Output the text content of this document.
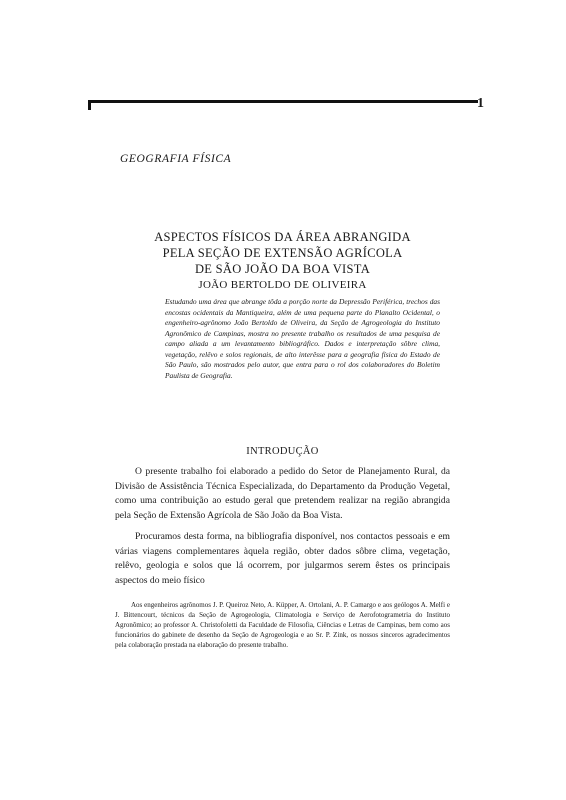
1
GEOGRAFIA FÍSICA
ASPECTOS FÍSICOS DA ÁREA ABRANGIDA
PELA SEÇÃO DE EXTENSÃO AGRÍCOLA
DE SÃO JOÃO DA BOA VISTA
JOÃO BERTOLDO DE OLIVEIRA
Estudando uma área que abrange tôda a porção norte da Depressão Periférica, trechos das encostas ocidentais da Mantiqueira, além de uma pequena parte do Planalto Ocidental, o engenheiro-agrônomo João Bertoldo de Oliveira, da Seção de Agrogeologia do Instituto Agronômico de Campinas, mostra no presente trabalho os resultados de uma pesquisa de campo aliada a um levantamento bibliográfico. Dados e interpretação sôbre clima, vegetação, relêvo e solos regionais, de alto interêsse para a geografia física do Estado de São Paulo, são mostrados pelo autor, que entra para o rol dos colaboradores do Boletim Paulista de Geografia.
INTRODUÇÃO
O presente trabalho foi elaborado a pedido do Setor de Planejamento Rural, da Divisão de Assistência Técnica Especializada, do Departamento da Produção Vegetal, como uma contribuição ao estudo geral que pretendem realizar na região abrangida pela Seção de Extensão Agrícola de São João da Boa Vista.
Procuramos desta forma, na bibliografia disponível, nos contactos pessoais e em várias viagens complementares àquela região, obter dados sôbre clima, vegetação, relêvo, geologia e solos que lá ocorrem, por julgarmos serem êstes os principais aspectos do meio físico
Aos engenheiros agrônomos J. P. Queiroz Neto, A. Küpper, A. Ortolani, A. P. Camargo e aos geólogos A. Melfi e J. Bittencourt, técnicos da Seção de Agrogeologia, Climatologia e Serviço de Aerofotogrametria do Instituto Agronômico; ao professor A. Christofoletti da Faculdade de Filosofia, Ciências e Letras de Campinas, bem como aos funcionários do gabinete de desenho da Seção de Agrogeologia e ao Sr. P. Zink, os nossos sinceros agradecimentos pela colaboração prestada na elaboração do presente trabalho.
